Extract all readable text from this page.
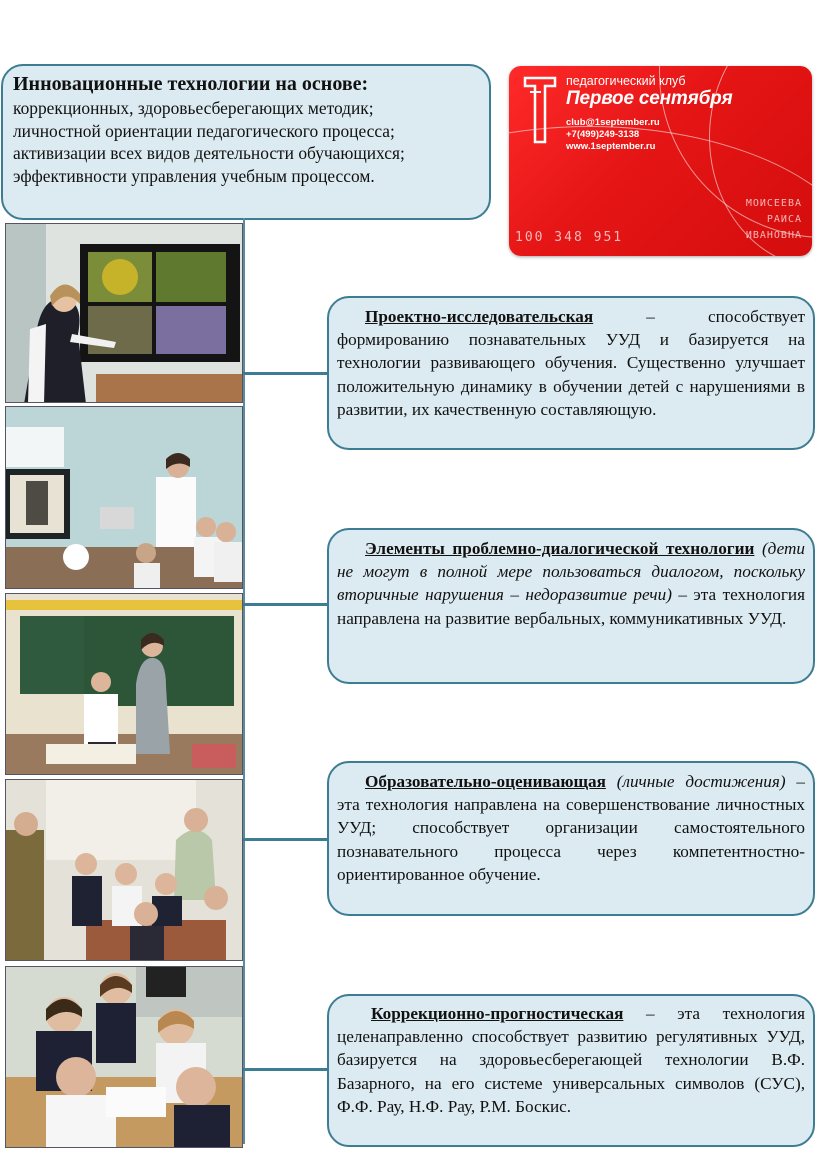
Инновационные технологии на основе:

коррекционных, здоровьесберегающих методик;

личностной ориентации педагогического процесса;

активизации всех видов деятельности обучающихся;

эффективности управления учебным процессом.

педагогический клуб
Первое сентября
club@1september.ru
+7(499)249-3138
www.1september.ru
100 348 951
МОИСЕЕВА
РАИСА
ИВАНОВНА

Проектно-исследовательская – способствует формированию познавательных УУД и базируется на технологии развивающего обучения. Существенно улучшает положительную динамику в обучении детей с нарушениями в развитии, их качественную составляющую.

Элементы проблемно-диалогической технологии (дети не могут в полной мере пользоваться диалогом, поскольку вторичные нарушения – недоразвитие речи) – эта технология направлена на развитие вербальных, коммуникативных УУД.

Образовательно-оценивающая (личные достижения) – эта технология направлена на совершенствование личностных УУД; способствует организации самостоятельного познавательного процесса через компетентностно-ориентированное обучение.

Коррекционно-прогностическая – эта технология целенаправленно способствует развитию регулятивных УУД, базируется на здоровьесберегающей технологии В.Ф. Базарного, на его системе универсальных символов (СУС), Ф.Ф. Рау, Н.Ф. Рау, Р.М. Боскис.
